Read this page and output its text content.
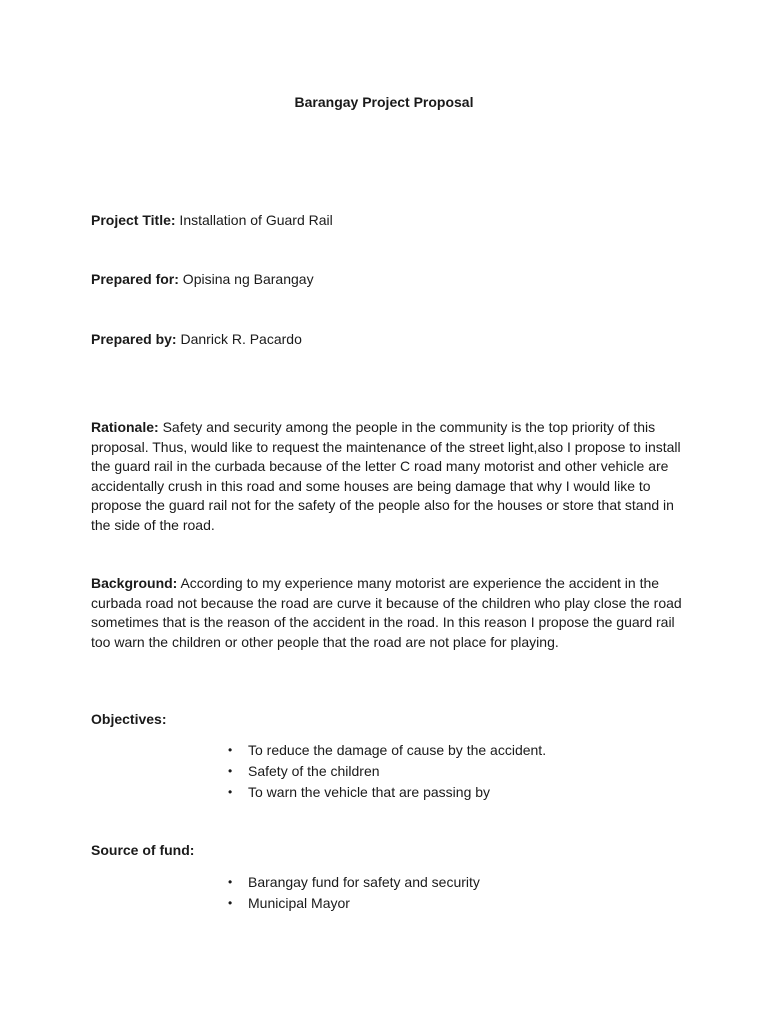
Barangay Project Proposal
Project Title: Installation of Guard Rail
Prepared for: Opisina ng Barangay
Prepared by: Danrick R. Pacardo
Rationale: Safety and security among the people in the community is the top priority of this proposal. Thus, would like to request the maintenance of the street light,also I propose to install the guard rail in the curbada because of the letter C road many motorist and other vehicle are accidentally crush in this road and some houses are being damage that why I would like to propose the guard rail not for the safety of the people also for the houses or store that stand in the side of the road.
Background: According to my experience many motorist are experience the accident in the curbada road not because the road are curve it because of the children who play close the road sometimes that is the reason of the accident in the road. In this reason I propose the guard rail too warn the children or other people that the road are not place for playing.
Objectives:
• To reduce the damage of cause by the accident.
• Safety of the children
• To warn the vehicle that are passing by
Source of fund:
• Barangay fund for safety and security
• Municipal Mayor
